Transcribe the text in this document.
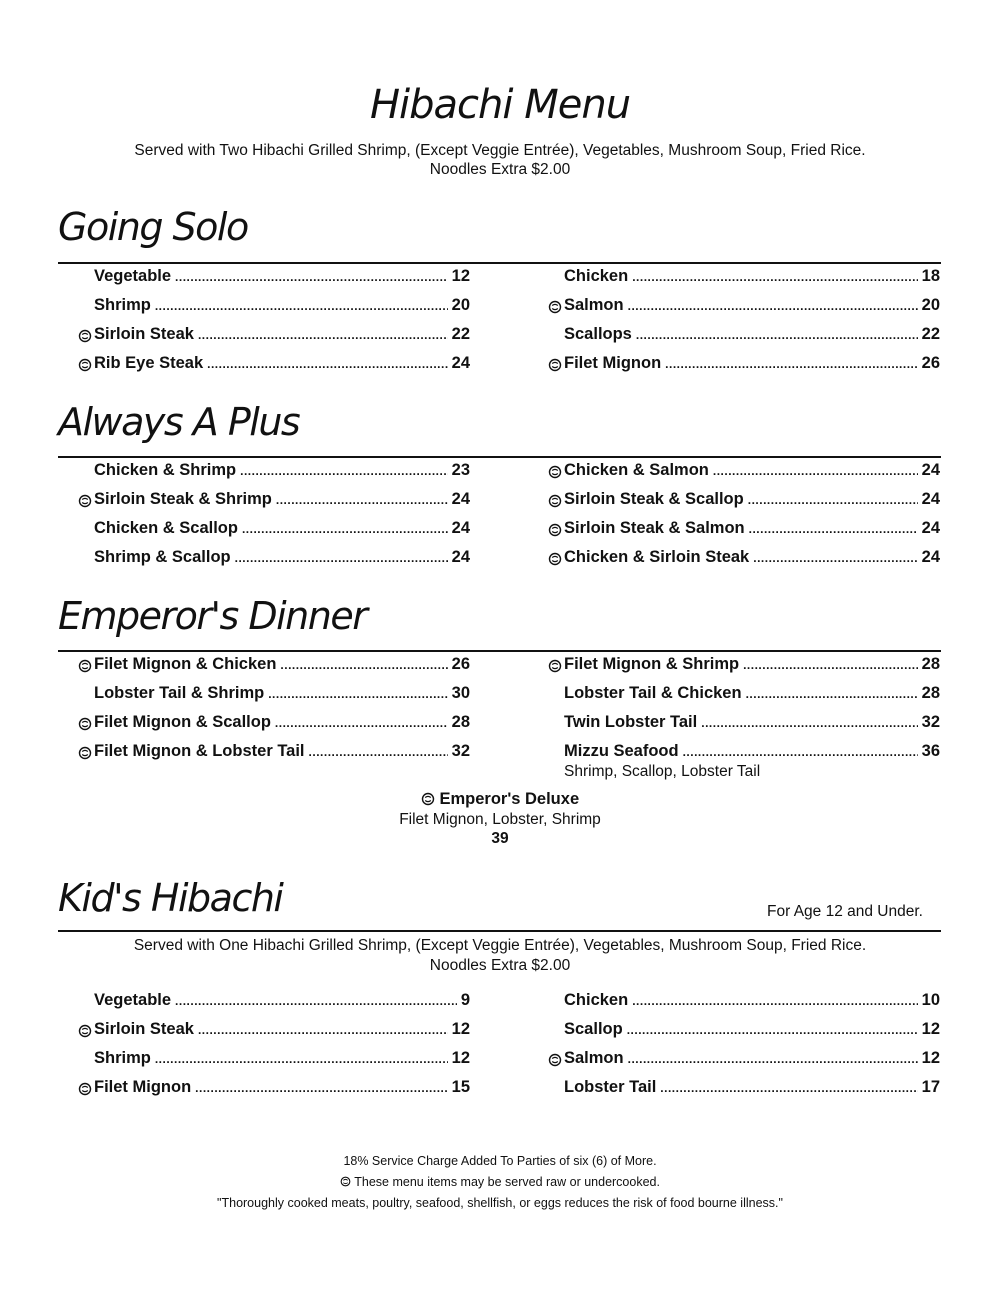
Hibachi Menu
Served with Two Hibachi Grilled Shrimp, (Except Veggie Entrée), Vegetables, Mushroom Soup, Fried Rice.
Noodles Extra $2.00
Going Solo
Always A Plus
Emperor's Dinner
Shrimp, Scallop, Lobster Tail
Emperor's Deluxe
Filet Mignon, Lobster, Shrimp
39
Kid's Hibachi	For Age 12 and Under.
Served with One Hibachi Grilled Shrimp, (Except Veggie Entrée), Vegetables, Mushroom Soup, Fried Rice.
Noodles Extra $2.00
18% Service Charge Added To Parties of six (6) of More.
These menu items may be served raw or undercooked.
"Thoroughly cooked meats, poultry, seafood, shellfish, or eggs reduces the risk of food bourne illness."
Vegetable .....	12
Shrimp .....	20
Sirloin Steak .....	22
Rib Eye Steak .....	24
Chicken .....	18
Salmon .....	20
Scallops .....	22
Filet Mignon .....	26
Chicken & Shrimp .....	23
Sirloin Steak & Shrimp .....	24
Chicken & Scallop .....	24
Shrimp & Scallop .....	24
Chicken & Salmon .....	24
Sirloin Steak & Scallop .....	24
Sirloin Steak & Salmon .....	24
Chicken & Sirloin Steak .....	24
Filet Mignon & Chicken .....	26
Lobster Tail & Shrimp .....	30
Filet Mignon & Scallop .....	28
Filet Mignon & Lobster Tail .....	32
Filet Mignon & Shrimp .....	28
Lobster Tail & Chicken .....	28
Twin Lobster Tail .....	32
Mizzu Seafood .....	36
Vegetable .....	9
Sirloin Steak .....	12
Shrimp .....	12
Filet Mignon .....	15
Chicken .....	10
Scallop .....	12
Salmon .....	12
Lobster Tail .....	17
